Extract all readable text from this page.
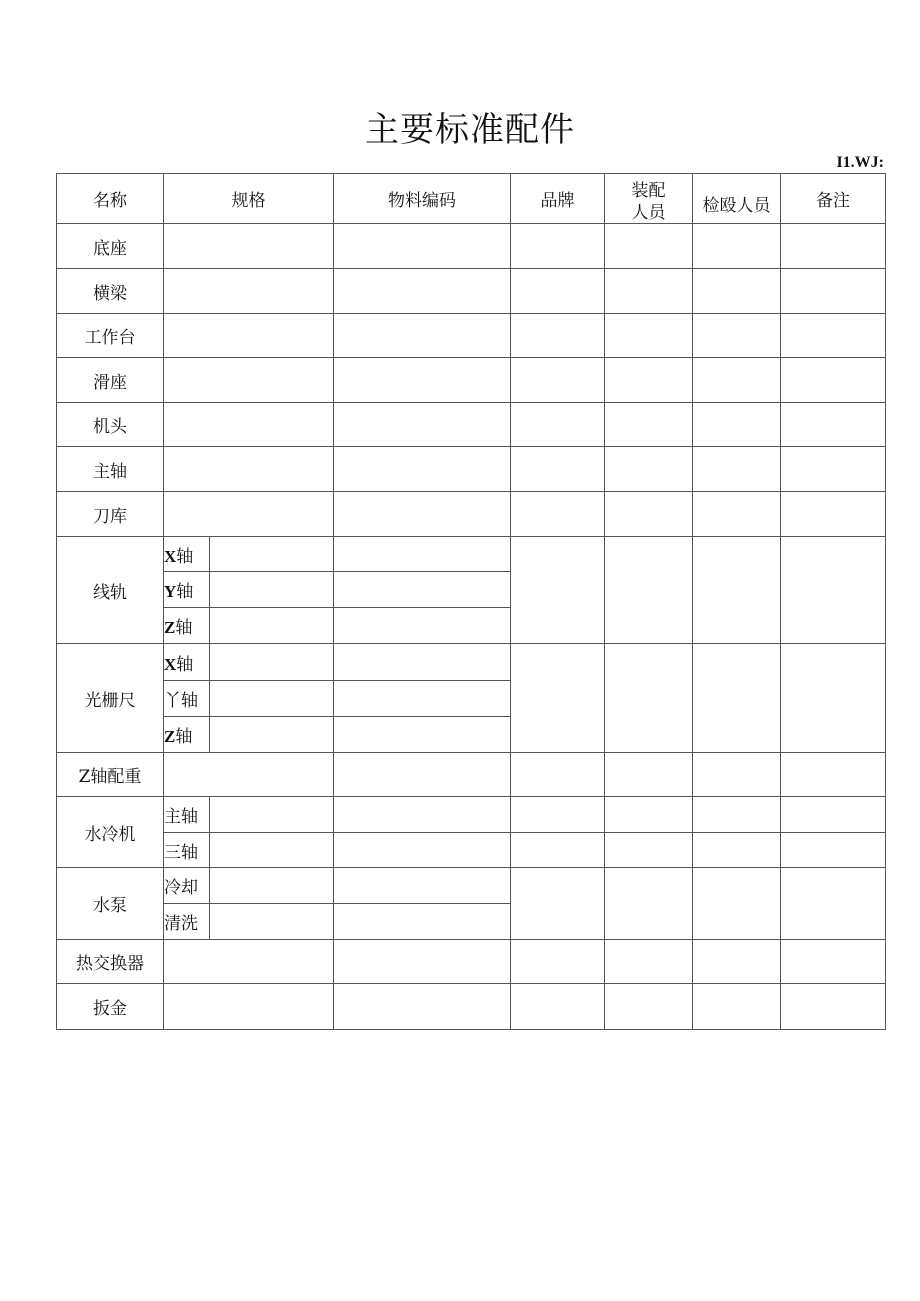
主要标准配件
I1.WJ:
名称	规格		物料编码	品牌	装配
人员	检殴人员	备注
底座							
横梁							
工作台							
滑座							
机头							
主轴							
刀库							
线轨	X轴						
	Y轴						
	Z轴						
光栅尺	X轴						
	丫轴						
	Z轴						
Z轴配重							
水冷机	主轴						
	三轴						
水泵	冷却						
	清洗						
热交换器							
扳金							
